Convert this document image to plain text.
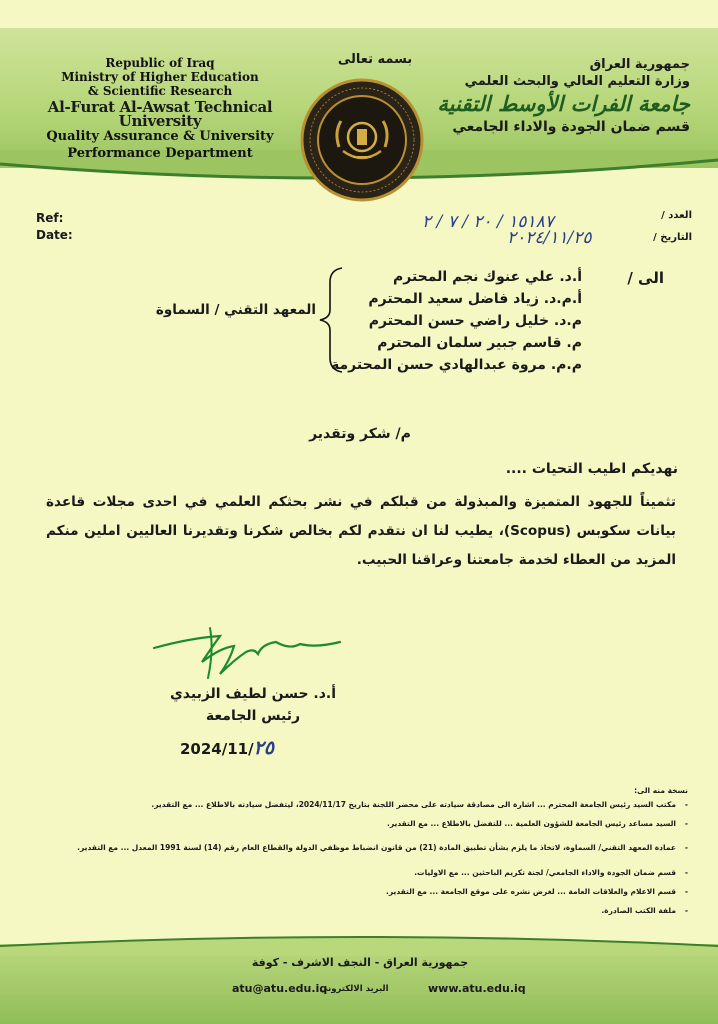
Republic of Iraq
Ministry of Higher Education
& Scientific Research
Al-Furat Al-Awsat Technical University
Quality Assurance & University
Performance Department
بسمه تعالى	جمهورية العراق
وزارة التعليم العالي والبحث العلمي
جامعة الفرات الأوسط التقنية
قسم ضمان الجودة والاداء الجامعي
Ref:
Date:
العدد /
التاريخ /
١٥١٨٧ / ٢٠ / ٧ / ٢
٢٠٢٤/١١/٢٥
الى /
أ.د. علي عنوك نجم المحترم
أ.م.د. زياد فاضل سعيد المحترم
م.د. خليل راضي حسن المحترم
م. قاسم جبير سلمان المحترم
م.م. مروة عبدالهادي حسن المحترمة
المعهد التقني / السماوة
م/ شكر وتقدير
نهديكم اطيب التحيات ....
تثميناً للجهود المتميزة والمبذولة من قبلكم في نشر بحثكم العلمي في احدى مجلات قاعدة بيانات سكوبس (Scopus)، يطيب لنا ان نتقدم لكم بخالص شكرنا وتقديرنا العاليين املين منكم المزيد من العطاء لخدمة جامعتنا وعراقنا الحبيب.
أ.د. حسن لطيف الزبيدي
رئيس الجامعة
2024/11/٢٥
نسخة منه الى:
- مكتب السيد رئيس الجامعة المحترم ... اشارة الى مصادقة سيادته على محضر اللجنة بتاريخ 2024/11/17، ليتفضل سيادته بالاطلاع ... مع التقدير.
- السيد مساعد رئيس الجامعة للشؤون العلمية ... للتفضل بالاطلاع ... مع التقدير.
- عمادة المعهد التقني/ السماوة، لاتخاذ ما يلزم بشأن تطبيق المادة (21) من قانون انضباط موظفي الدولة والقطاع العام رقم (14) لسنة 1991 المعدل ... مع التقدير.
- قسم ضمان الجودة والاداء الجامعي/ لجنة تكريم الباحثين ... مع الاوليات.
- قسم الاعلام والعلاقات العامة ... لغرض نشره على موقع الجامعة ... مع التقدير.
- ملفة الكتب الصادرة.
جمهورية العراق - النجف الاشرف - كوفة
atu@atu.edu.iq
البريد الالكتروني:	www.atu.edu.iq
